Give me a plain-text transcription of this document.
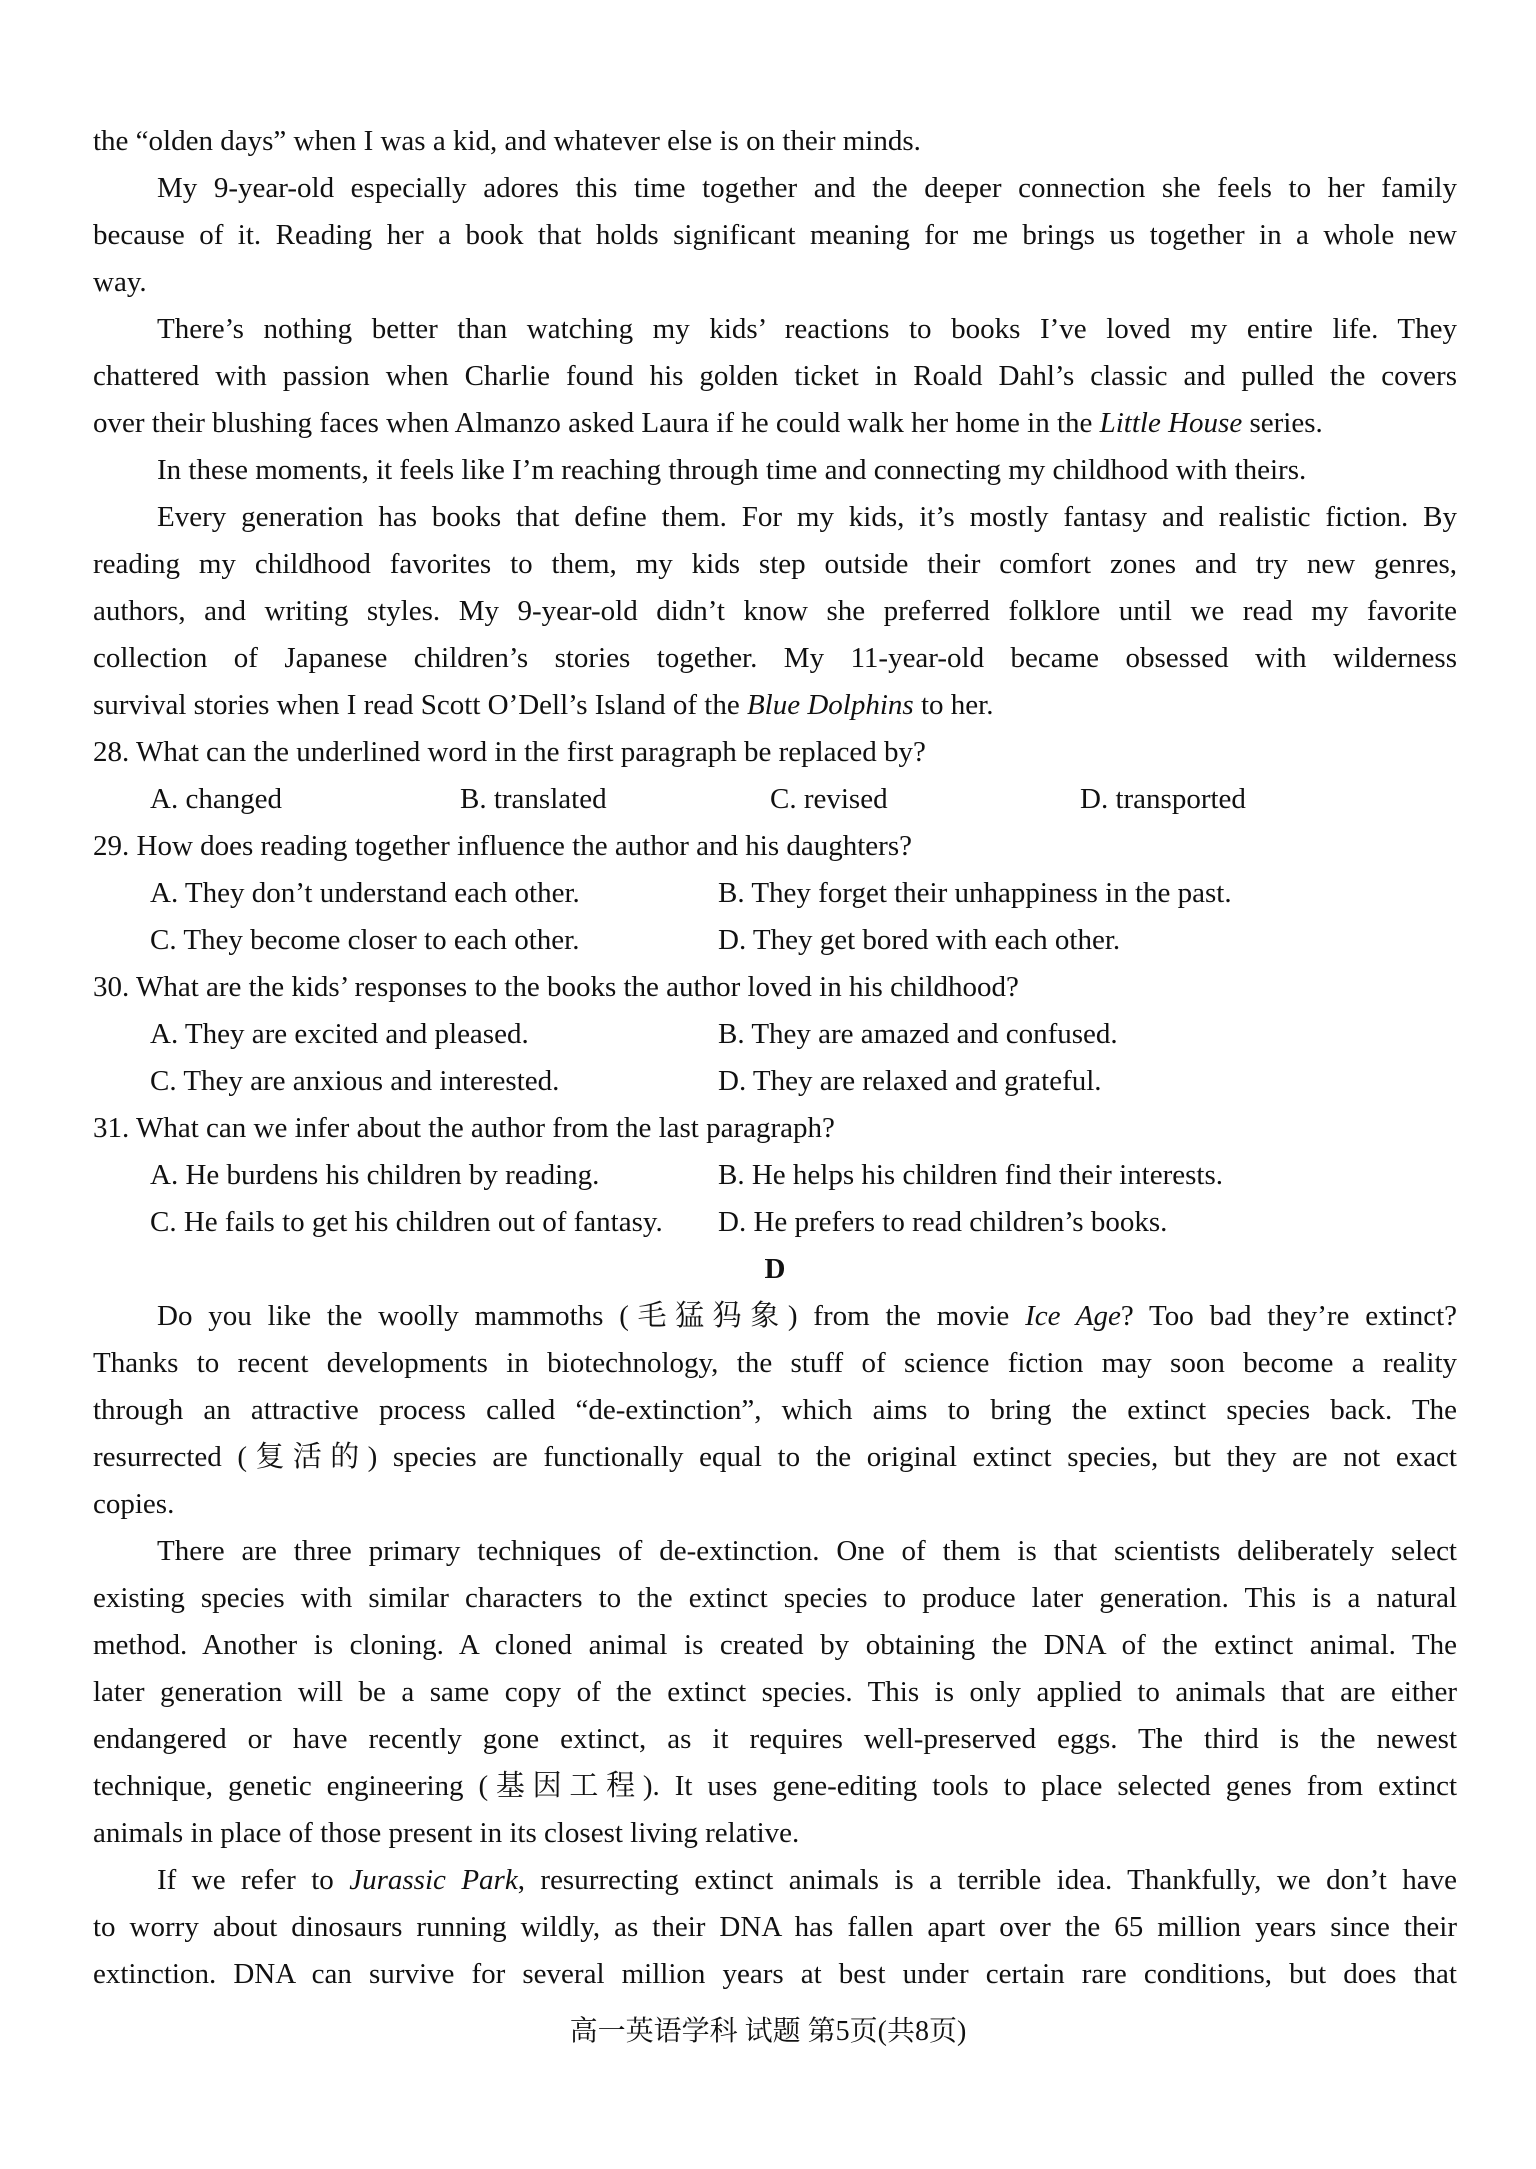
the “olden days” when I was a kid, and whatever else is on their minds.
My 9-year-old especially adores this time together and the deeper connection she feels to her family
because of it. Reading her a book that holds significant meaning for me brings us together in a whole new
way.
There’s nothing better than watching my kids’ reactions to books I’ve loved my entire life. They
chattered with passion when Charlie found his golden ticket in Roald Dahl’s classic and pulled the covers
over their blushing faces when Almanzo asked Laura if he could walk her home in the Little House series.
In these moments, it feels like I’m reaching through time and connecting my childhood with theirs.
Every generation has books that define them. For my kids, it’s mostly fantasy and realistic fiction. By
reading my childhood favorites to them, my kids step outside their comfort zones and try new genres,
authors, and writing styles. My 9-year-old didn’t know she preferred folklore until we read my favorite
collection of Japanese children’s stories together. My 11-year-old became obsessed with wilderness
survival stories when I read Scott O’Dell’s Island of the Blue Dolphins to her.
28. What can the underlined word in the first paragraph be replaced by?
A. changed	B. translated	C. revised	D. transported
29. How does reading together influence the author and his daughters?
A. They don’t understand each other.	B. They forget their unhappiness in the past.
C. They become closer to each other.	D. They get bored with each other.
30. What are the kids’ responses to the books the author loved in his childhood?
A. They are excited and pleased.	B. They are amazed and confused.
C. They are anxious and interested.	D. They are relaxed and grateful.
31. What can we infer about the author from the last paragraph?
A. He burdens his children by reading.	B. He helps his children find their interests.
C. He fails to get his children out of fantasy. D. He prefers to read children’s books.
D
Do you like the woolly mammoths (毛猛犸象) from the movie Ice Age? Too bad they’re extinct?
Thanks to recent developments in biotechnology, the stuff of science fiction may soon become a reality
through an attractive process called “de-extinction”, which aims to bring the extinct species back. The
resurrected (复活的) species are functionally equal to the original extinct species, but they are not exact
copies.
There are three primary techniques of de-extinction. One of them is that scientists deliberately select
existing species with similar characters to the extinct species to produce later generation. This is a natural
method. Another is cloning. A cloned animal is created by obtaining the DNA of the extinct animal. The
later generation will be a same copy of the extinct species. This is only applied to animals that are either
endangered or have recently gone extinct, as it requires well-preserved eggs. The third is the newest
technique, genetic engineering (基因工程). It uses gene-editing tools to place selected genes from extinct
animals in place of those present in its closest living relative.
If we refer to Jurassic Park, resurrecting extinct animals is a terrible idea. Thankfully, we don’t have
to worry about dinosaurs running wildly, as their DNA has fallen apart over the 65 million years since their
extinction. DNA can survive for several million years at best under certain rare conditions, but does that
高一英语学科 试题 第5页(共8页)
